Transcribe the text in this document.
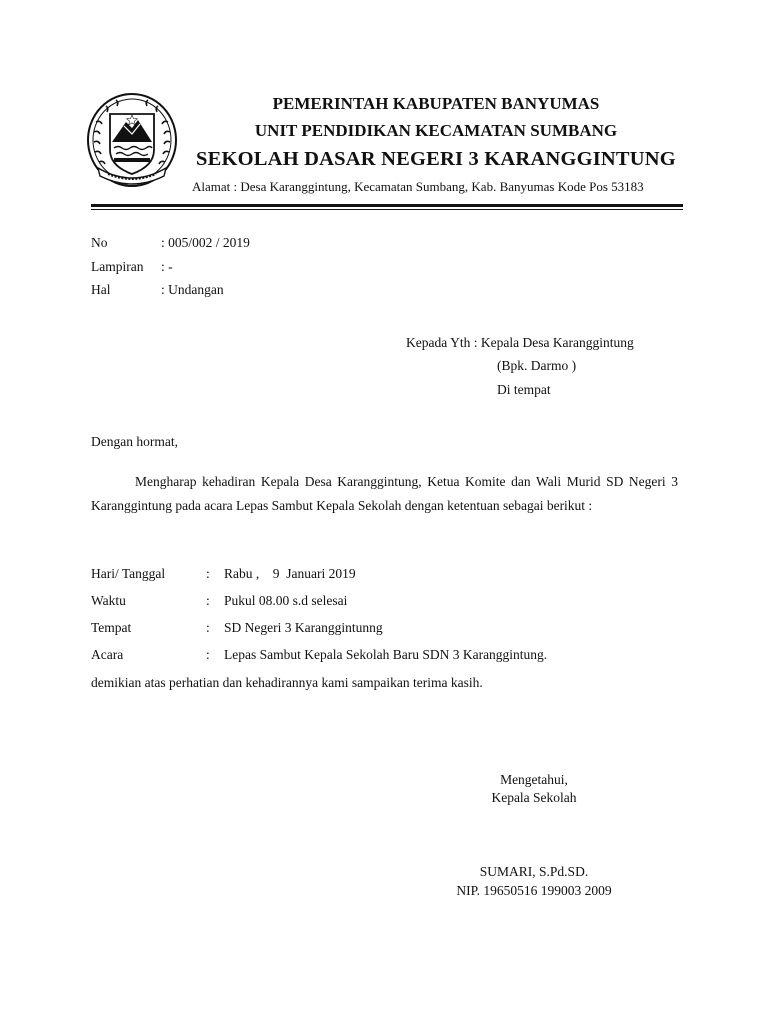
PEMERINTAH KABUPATEN BANYUMAS
UNIT PENDIDIKAN KECAMATAN SUMBANG
SEKOLAH DASAR NEGERI 3 KARANGGINTUNG
Alamat : Desa Karanggintung, Kecamatan Sumbang, Kab. Banyumas Kode Pos 53183
No	: 005/002 / 2019
Lampiran : -
Hal	: Undangan
Kepada Yth : Kepala Desa Karanggintung
(Bpk. Darmo )
Di tempat
Dengan hormat,
Mengharap kehadiran Kepala Desa Karanggintung, Ketua Komite dan Wali Murid SD Negeri 3 Karanggintung pada acara Lepas Sambut Kepala Sekolah dengan ketentuan sebagai berikut :
Hari/ Tanggal	: Rabu ,    9  Januari 2019
Waktu	: Pukul 08.00 s.d selesai
Tempat	: SD Negeri 3 Karanggintunng
Acara	: Lepas Sambut Kepala Sekolah Baru SDN 3 Karanggintung.
demikian atas perhatian dan kehadirannya kami sampaikan terima kasih.
Mengetahui,
Kepala Sekolah
SUMARI, S.Pd.SD.
NIP. 19650516 199003 2009
